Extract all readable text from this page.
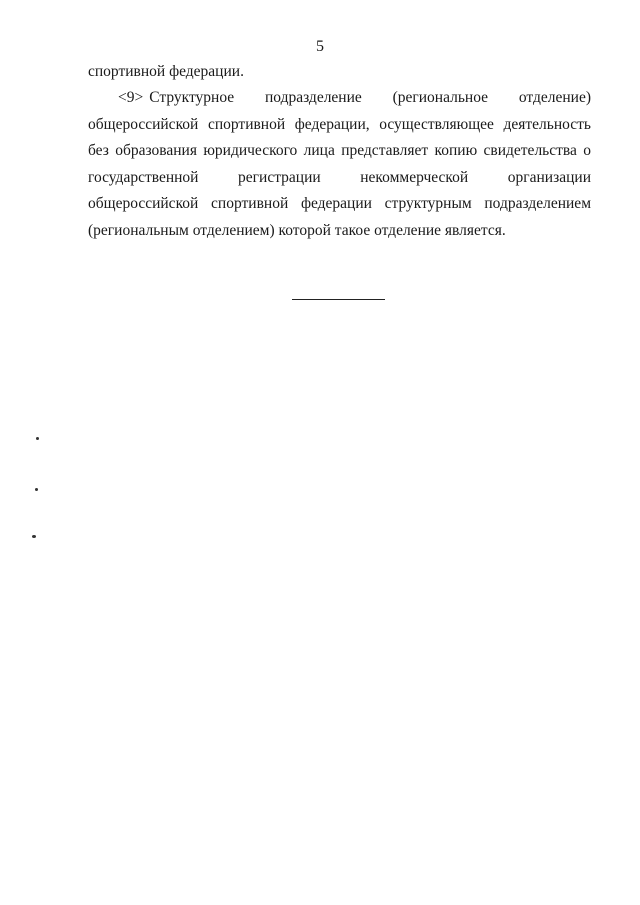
5
спортивной федерации.
<9> Структурное подразделение (региональное отделение) общероссийской спортивной федерации, осуществляющее деятельность без образования юридического лица представляет копию свидетельства о государственной регистрации некоммерческой организации общероссийской спортивной федерации структурным подразделением (региональным отделением) которой такое отделение является.
